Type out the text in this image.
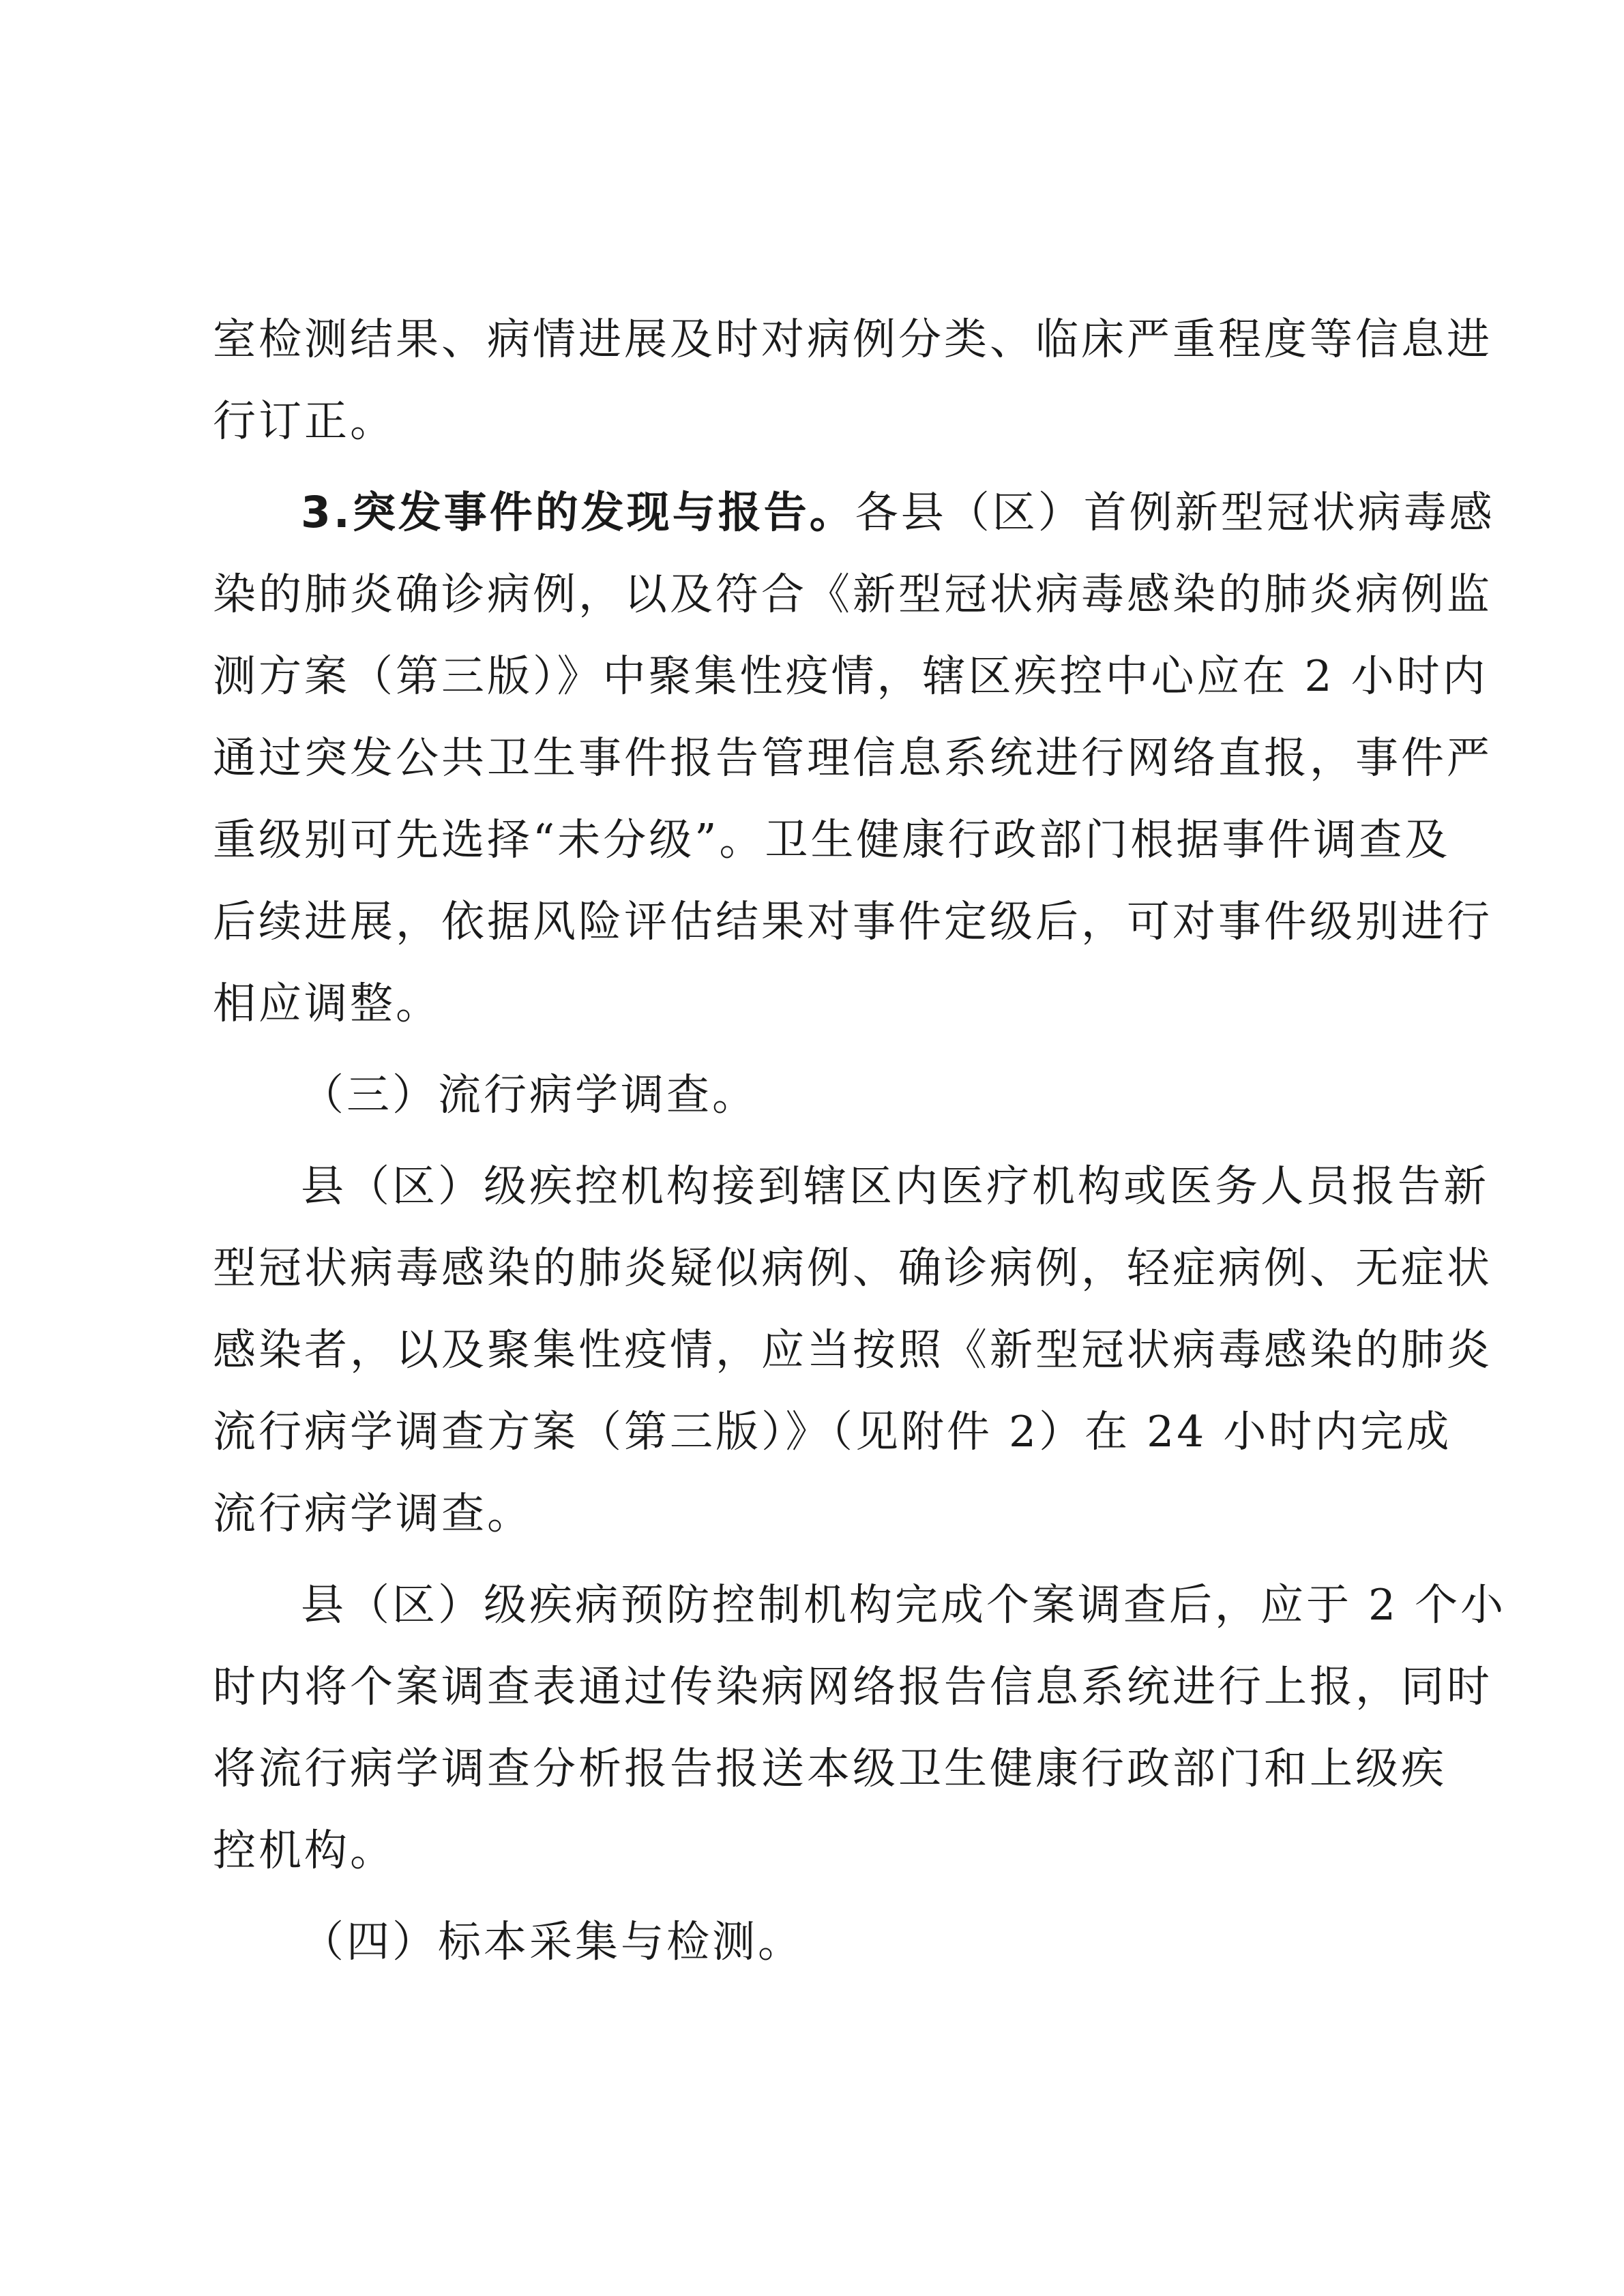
室检测结果、病情进展及时对病例分类、临床严重程度等信息进
行订正。
3.突发事件的发现与报告。各县（区）首例新型冠状病毒感
染的肺炎确诊病例，以及符合《新型冠状病毒感染的肺炎病例监
测方案（第三版）》中聚集性疫情，辖区疾控中心应在 2 小时内
通过突发公共卫生事件报告管理信息系统进行网络直报，事件严
重级别可先选择“未分级”。卫生健康行政部门根据事件调查及
后续进展，依据风险评估结果对事件定级后，可对事件级别进行
相应调整。
（三）流行病学调查。
县（区）级疾控机构接到辖区内医疗机构或医务人员报告新
型冠状病毒感染的肺炎疑似病例、确诊病例，轻症病例、无症状
感染者，以及聚集性疫情，应当按照《新型冠状病毒感染的肺炎
流行病学调查方案（第三版）》（见附件 2）在 24 小时内完成
流行病学调查。
县（区）级疾病预防控制机构完成个案调查后，应于 2 个小
时内将个案调查表通过传染病网络报告信息系统进行上报，同时
将流行病学调查分析报告报送本级卫生健康行政部门和上级疾
控机构。
（四）标本采集与检测。
